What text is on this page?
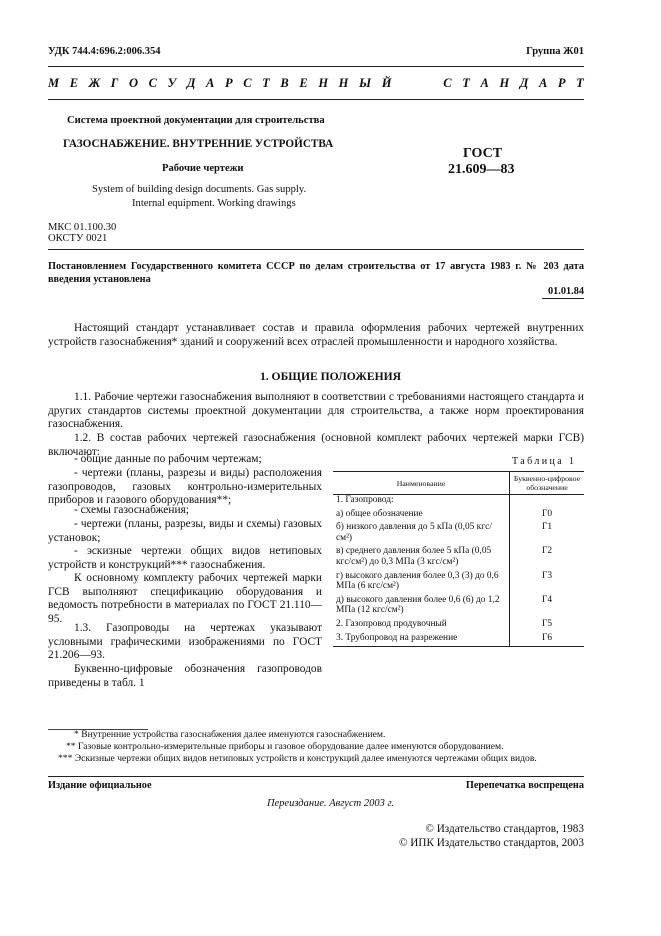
УДК 744.4:696.2:006.354	Группа Ж01
М Е Ж Г О С У Д А Р С Т В Е Н Н Ы Й

	С Т А Н Д А Р Т
Система проектной документации для строительства
ГАЗОСНАБЖЕНИЕ. ВНУТРЕННИЕ УСТРОЙСТВА
ГОСТ
21.609—83
Рабочие чертежи
System of building design documents. Gas supply.
Internal equipment. Working drawings
МКС 01.100.30
ОКСТУ 0021
Постановлением Государственного комитета СССР по делам строительства от 17 августа 1983 г. № 203 дата введения установлена
01.01.84
Настоящий стандарт устанавливает состав и правила оформления рабочих чертежей внутренних устройств газоснабжения* зданий и сооружений всех отраслей промышленности и народного хозяйства.
1. ОБЩИЕ ПОЛОЖЕНИЯ
1.1. Рабочие чертежи газоснабжения выполняют в соответствии с требованиями настоящего стандарта и других стандартов системы проектной документации для строительства, а также норм проектирования газоснабжения.
1.2. В состав рабочих чертежей газоснабжения (основной комплект рабочих чертежей марки ГСВ) включают:
- общие данные по рабочим чертежам;
- чертежи (планы, разрезы и виды) расположения газопроводов, газовых контрольно-измерительных приборов и газового оборудования**;
- схемы газоснабжения;
- чертежи (планы, разрезы, виды и схемы) газовых установок;
- эскизные чертежи общих видов нетиповых устройств и конструкций*** газоснабжения.
К основному комплекту рабочих чертежей марки ГСВ выполняют спецификацию оборудования и ведомость потребности в материалах по ГОСТ 21.110—95.
1.3. Газопроводы на чертежах указывают условными графическими изображениями по ГОСТ 21.206—93.
Буквенно-цифровые обозначения газопроводов приведены в табл. 1
Таблица 1
Наименование	Буквенно-цифровое обозначение
1. Газопровод:	
а) общее обозначение	Г0
б) низкого давления до 5 кПа (0,05 кгс/см²)	Г1
в) среднего давления более 5 кПа (0,05 кгс/см²) до 0,3 МПа (3 кгс/см²)	Г2
г) высокого давления более 0,3 (3) до 0,6 МПа (6 кгс/см²)	Г3
д) высокого давления более 0,6 (6) до 1,2 МПа (12 кгс/см²)	Г4
2. Газопровод продувочный	Г5
3. Трубопровод на разрежение	Г6
* Внутренние устройства газоснабжения далее именуются газоснабжением.
** Газовые контрольно-измерительные приборы и газовое оборудование далее именуются оборудованием.
*** Эскизные чертежи общих видов нетиповых устройств и конструкций далее именуются чертежами общих видов.
Издание официальное	Перепечатка воспрещена
Переиздание. Август 2003 г.
© Издательство стандартов, 1983
© ИПК Издательство стандартов, 2003
